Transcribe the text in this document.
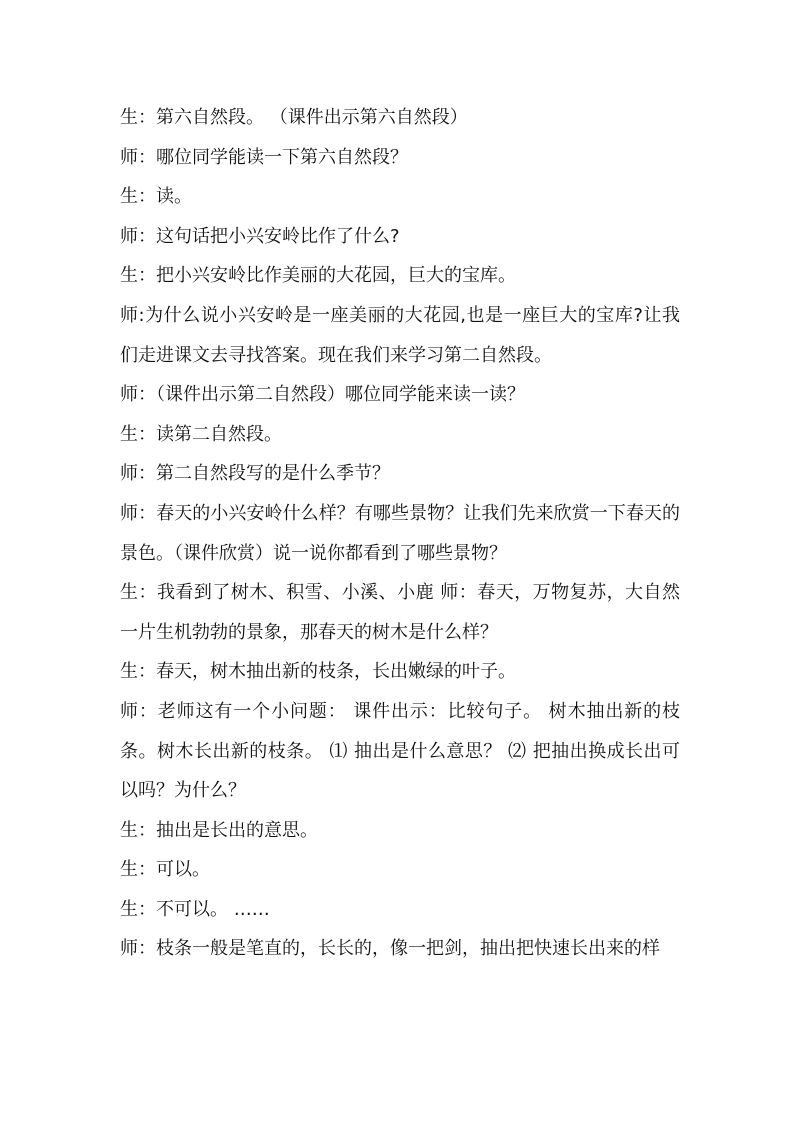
生：第六自然段。 （课件出示第六自然段）

师：哪位同学能读一下第六自然段？

生：读。

师：这句话把小兴安岭比作了什么?

生：把小兴安岭比作美丽的大花园，巨大的宝库。

师:为什么说小兴安岭是一座美丽的大花园,也是一座巨大的宝库?让我们走进课文去寻找答案。现在我们来学习第二自然段。

师：（课件出示第二自然段）哪位同学能来读一读？

生：读第二自然段。

师：第二自然段写的是什么季节？

师：春天的小兴安岭什么样？有哪些景物？让我们先来欣赏一下春天的景色。（课件欣赏）说一说你都看到了哪些景物？

生：我看到了树木、积雪、小溪、小鹿 师：春天，万物复苏，大自然一片生机勃勃的景象，那春天的树木是什么样？

生：春天，树木抽出新的枝条，长出嫩绿的叶子。

师：老师这有一个小问题： 课件出示：比较句子。 树木抽出新的枝条。树木长出新的枝条。 ⑴ 抽出是什么意思？ ⑵ 把抽出换成长出可以吗？为什么？

生：抽出是长出的意思。

生：可以。

生：不可以。 ……

师：枝条一般是笔直的，长长的，像一把剑，抽出把快速长出来的样
